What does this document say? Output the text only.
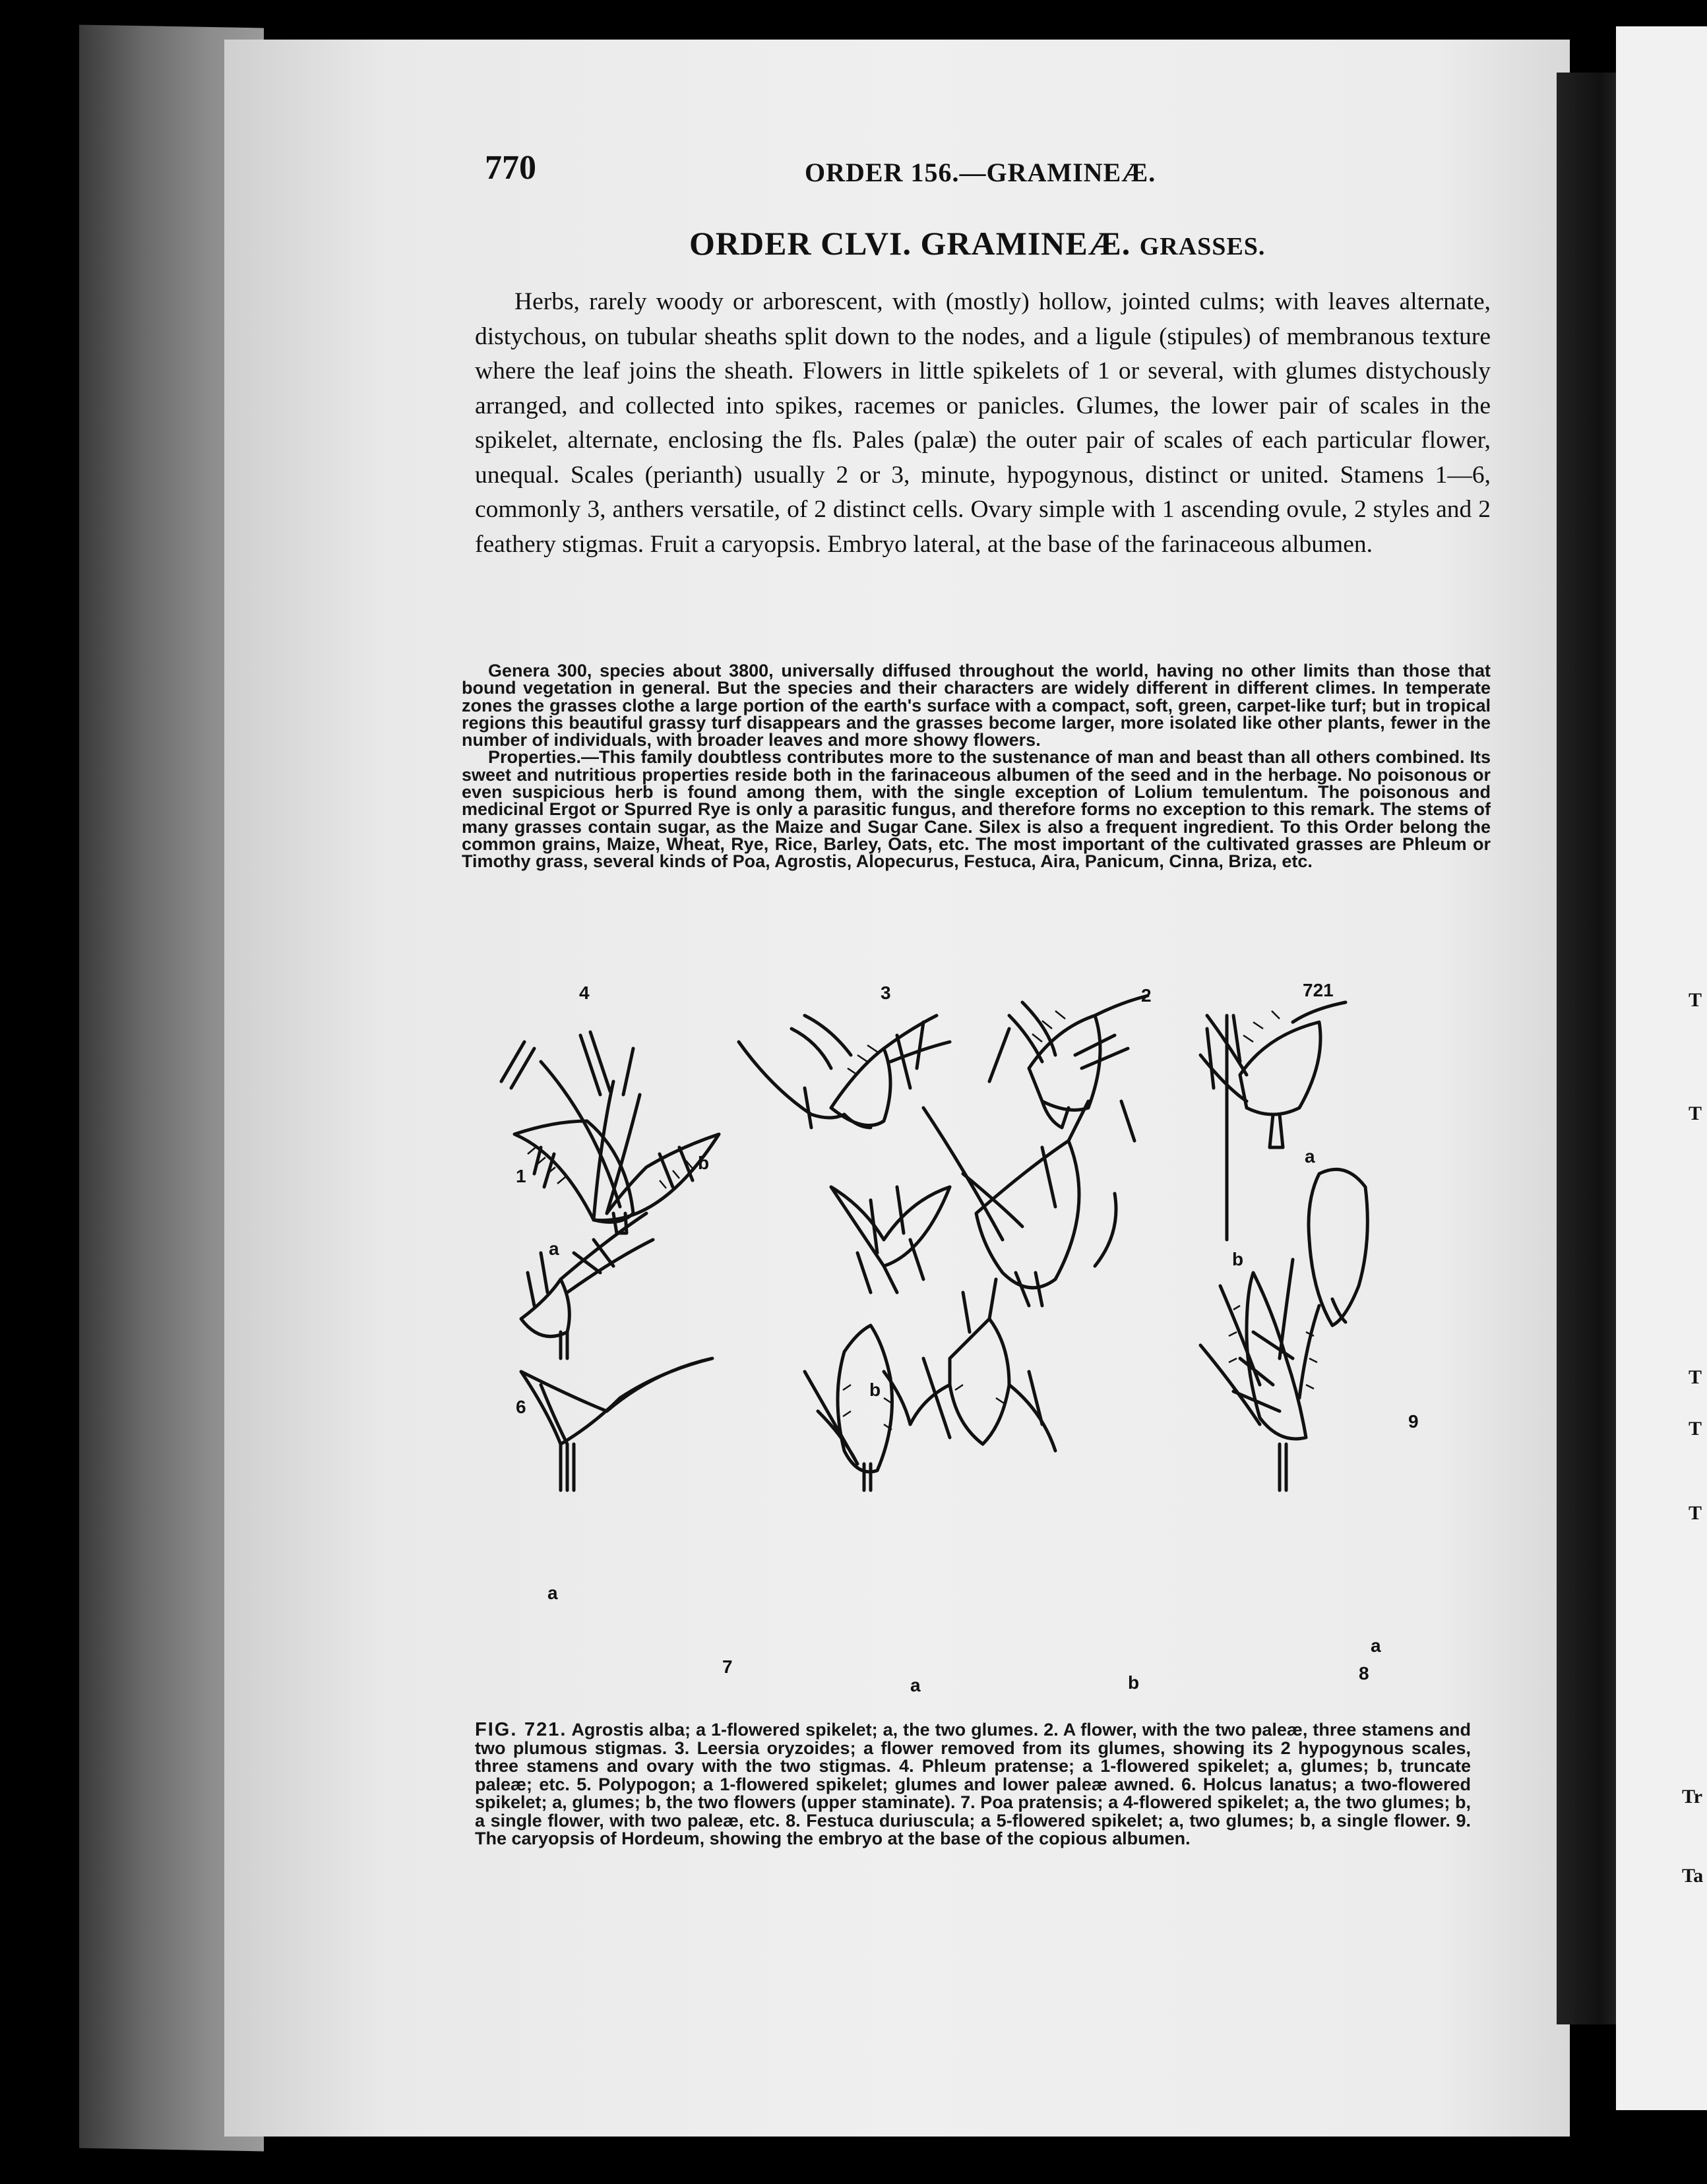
T
T
T
T
T
Tr
Ta
770	ORDER 156.—GRAMINEÆ.
ORDER CLVI. GRAMINEÆ. GRASSES.

Herbs, rarely woody or arborescent, with (mostly) hollow, jointed culms; with leaves alternate, distychous, on tubular sheaths split down to the nodes, and a ligule (stipules) of membranous texture where the leaf joins the sheath. Flowers in little spikelets of 1 or several, with glumes distychously arranged, and collected into spikes, racemes or panicles. Glumes, the lower pair of scales in the spikelet, alternate, enclosing the fls. Pales (palæ) the outer pair of scales of each particular flower, unequal. Scales (perianth) usually 2 or 3, minute, hypogynous, distinct or united. Stamens 1—6, commonly 3, anthers versatile, of 2 distinct cells. Ovary simple with 1 ascending ovule, 2 styles and 2 feathery stigmas. Fruit a caryopsis. Embryo lateral, at the base of the farinaceous albumen.

Genera 300, species about 3800, universally diffused throughout the world, having no other limits than those that bound vegetation in general. But the species and their characters are widely different in different climes. In temperate zones the grasses clothe a large portion of the earth's surface with a compact, soft, green, carpet-like turf; but in tropical regions this beautiful grassy turf disappears and the grasses become larger, more isolated like other plants, fewer in the number of individuals, with broader leaves and more showy flowers.

Properties.—This family doubtless contributes more to the sustenance of man and beast than all others combined. Its sweet and nutritious properties reside both in the farinaceous albumen of the seed and in the herbage. No poisonous or even suspicious herb is found among them, with the single exception of Lolium temulentum. The poisonous and medicinal Ergot or Spurred Rye is only a parasitic fungus, and therefore forms no exception to this remark. The stems of many grasses contain sugar, as the Maize and Sugar Cane. Silex is also a frequent ingredient. To this Order belong the common grains, Maize, Wheat, Rye, Rice, Barley, Oats, etc. The most important of the cultivated grasses are Phleum or Timothy grass, several kinds of Poa, Agrostis, Alopecurus, Festuca, Aira, Panicum, Cinna, Briza, etc.

4	3	2	721
1
b	a
a
b
6
b
9
a
7
a	b
a
8
FIG. 721. Agrostis alba; a 1-flowered spikelet; a, the two glumes. 2. A flower, with the two paleæ, three stamens and two plumous stigmas. 3. Leersia oryzoides; a flower removed from its glumes, showing its 2 hypogynous scales, three stamens and ovary with the two stigmas. 4. Phleum pratense; a 1-flowered spikelet; a, glumes; b, truncate paleæ; etc. 5. Polypogon; a 1-flowered spikelet; glumes and lower paleæ awned. 6. Holcus lanatus; a two-flowered spikelet; a, glumes; b, the two flowers (upper staminate). 7. Poa pratensis; a 4-flowered spikelet; a, the two glumes; b, a single flower, with two paleæ, etc. 8. Festuca duriuscula; a 5-flowered spikelet; a, two glumes; b, a single flower. 9. The caryopsis of Hordeum, showing the embryo at the base of the copious albumen.
